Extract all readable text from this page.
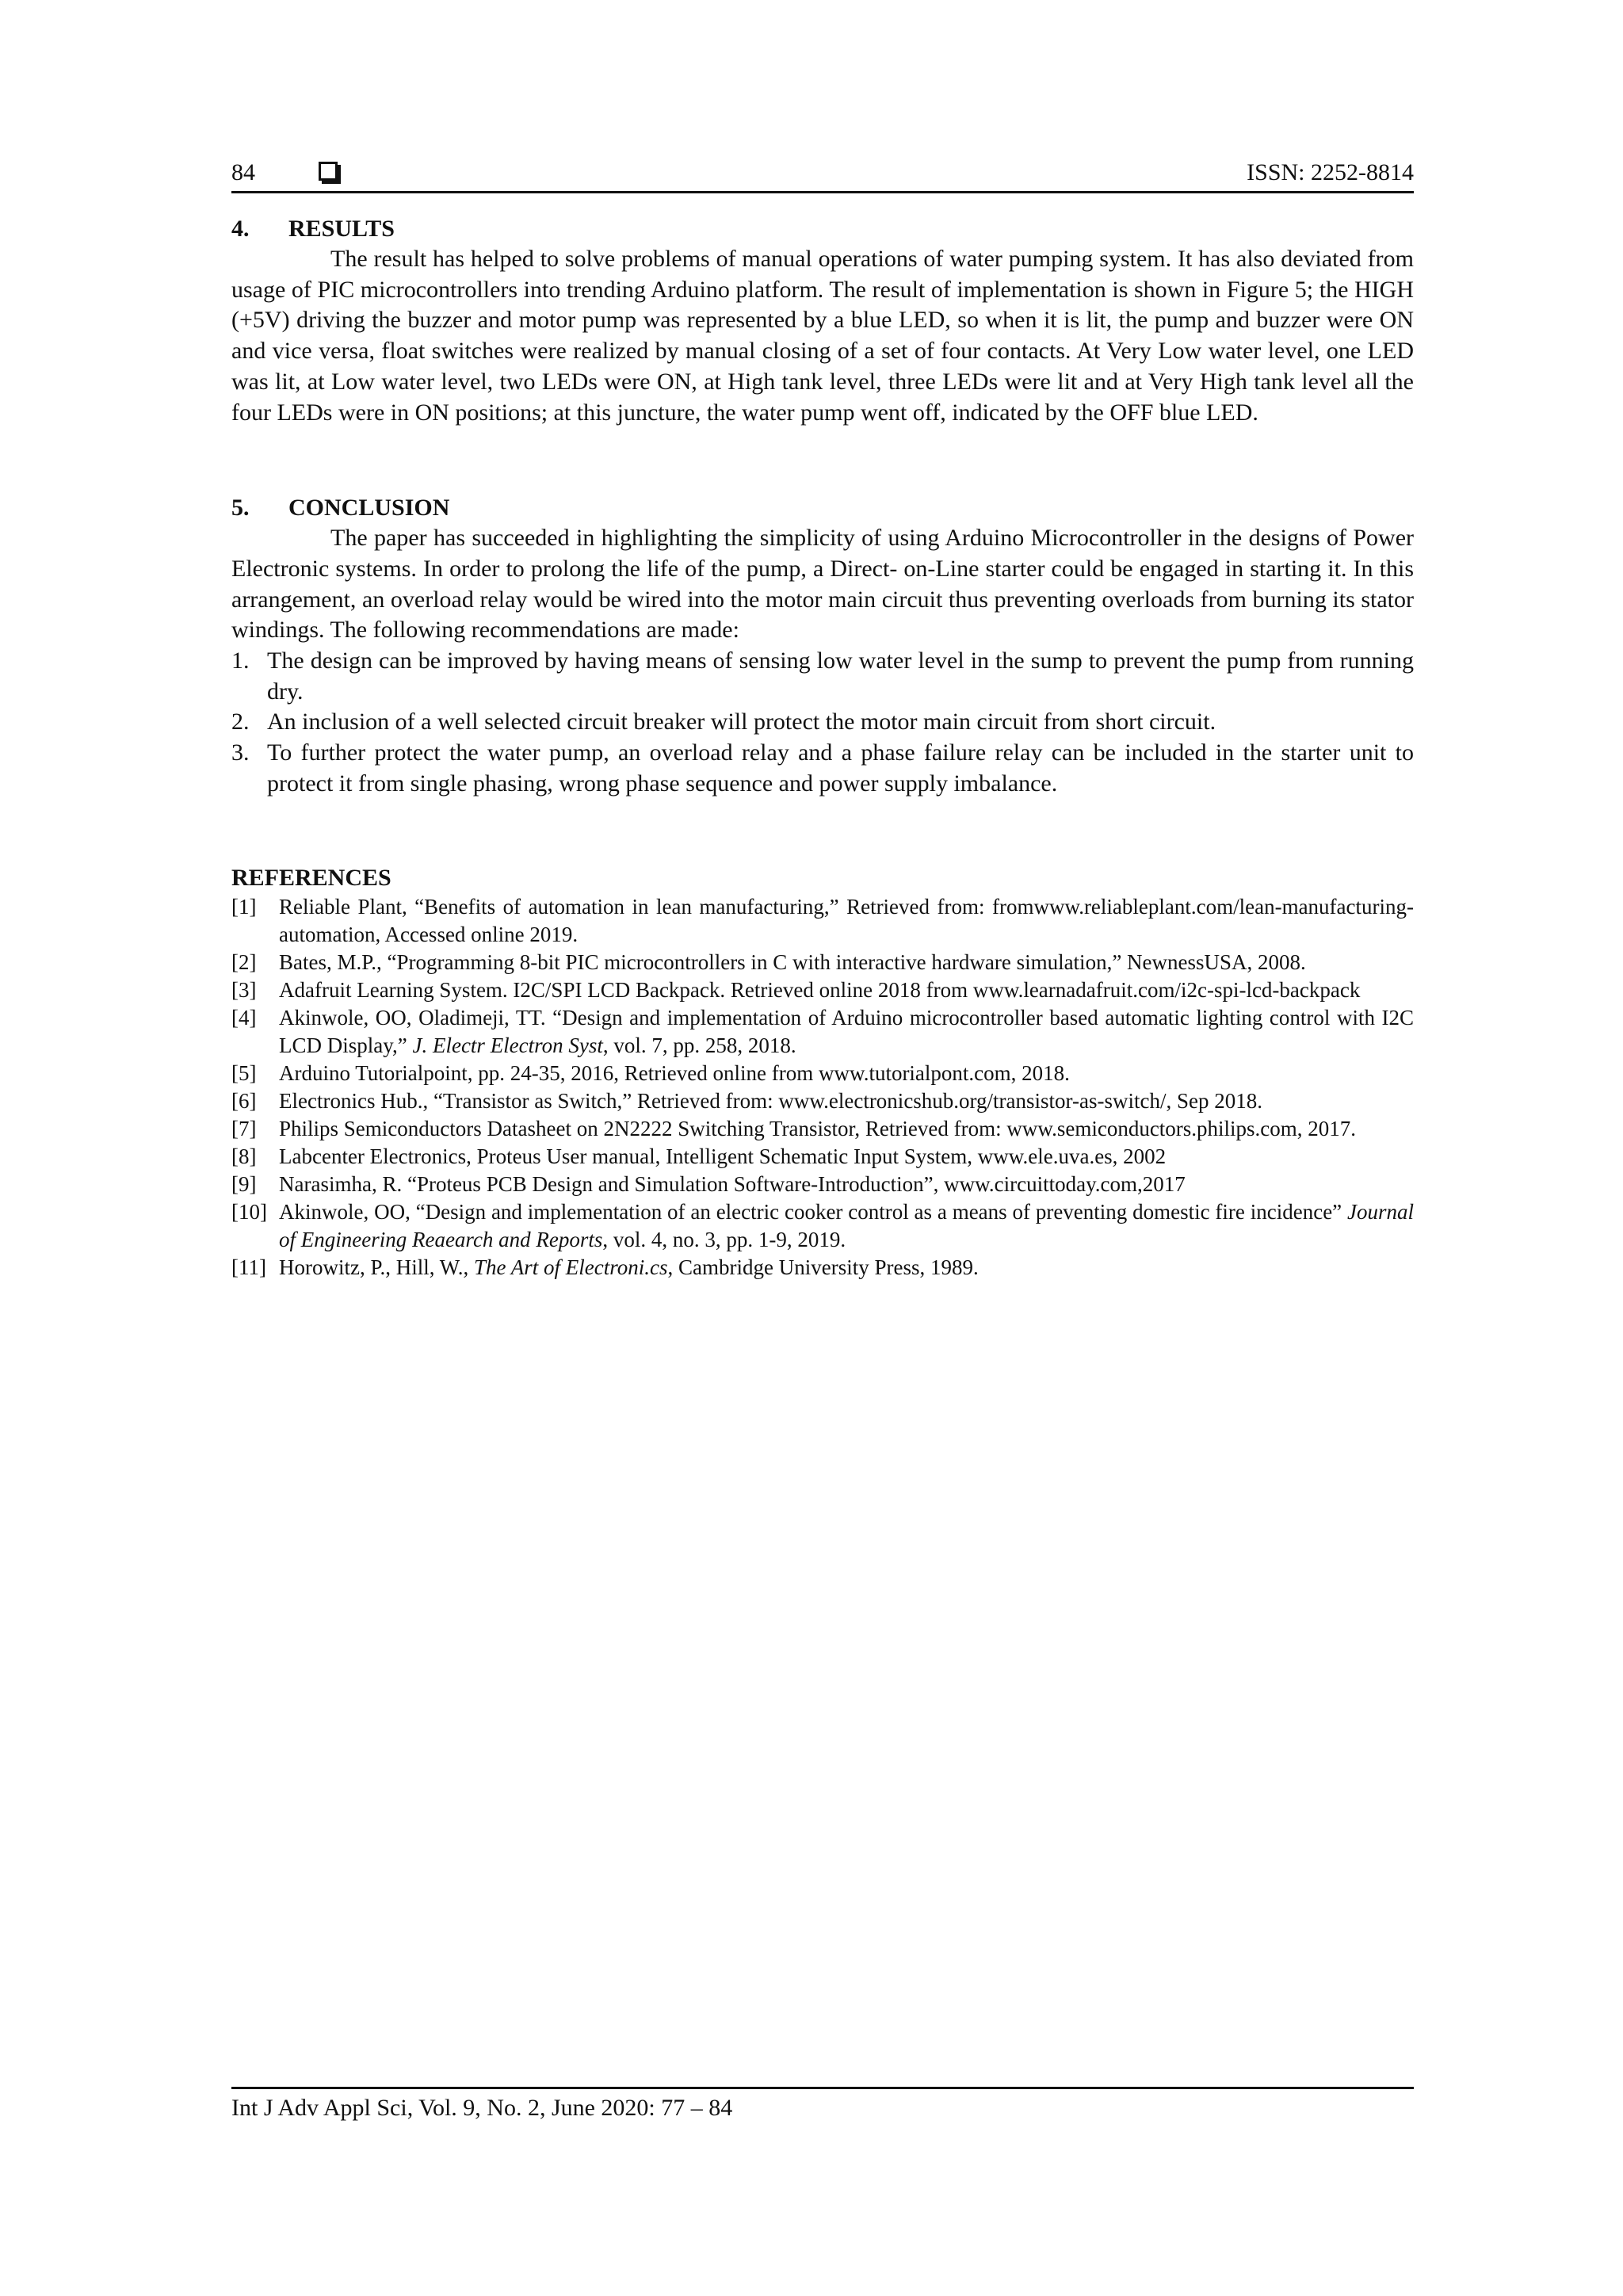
84	ISSN: 2252-8814
4. RESULTS

The result has helped to solve problems of manual operations of water pumping system. It has also deviated from usage of PIC microcontrollers into trending Arduino platform. The result of implementation is shown in Figure 5; the HIGH (+5V) driving the buzzer and motor pump was represented by a blue LED, so when it is lit, the pump and buzzer were ON and vice versa, float switches were realized by manual closing of a set of four contacts. At Very Low water level, one LED was lit, at Low water level, two LEDs were ON, at High tank level, three LEDs were lit and at Very High tank level all the four LEDs were in ON positions; at this juncture, the water pump went off, indicated by the OFF blue LED.

5. CONCLUSION

The paper has succeeded in highlighting the simplicity of using Arduino Microcontroller in the designs of Power Electronic systems. In order to prolong the life of the pump, a Direct- on-Line starter could be engaged in starting it. In this arrangement, an overload relay would be wired into the motor main circuit thus preventing overloads from burning its stator windings. The following recommendations are made:

1. The design can be improved by having means of sensing low water level in the sump to prevent the pump from running dry.
2. An inclusion of a well selected circuit breaker will protect the motor main circuit from short circuit.
3. To further protect the water pump, an overload relay and a phase failure relay can be included in the starter unit to protect it from single phasing, wrong phase sequence and power supply imbalance.
REFERENCES
[1] Reliable Plant, “Benefits of automation in lean manufacturing,” Retrieved from: fromwww.reliableplant.com/lean-manufacturing-automation, Accessed online 2019.
[2] Bates, M.P., “Programming 8-bit PIC microcontrollers in C with interactive hardware simulation,” NewnessUSA, 2008.
[3] Adafruit Learning System. I2C/SPI LCD Backpack. Retrieved online 2018 from www.learnadafruit.com/i2c-spi-lcd-backpack
[4] Akinwole, OO, Oladimeji, TT. “Design and implementation of Arduino microcontroller based automatic lighting control with I2C LCD Display,” J. Electr Electron Syst, vol. 7, pp. 258, 2018.
[5] Arduino Tutorialpoint, pp. 24-35, 2016, Retrieved online from www.tutorialpont.com, 2018.
[6] Electronics Hub., “Transistor as Switch,” Retrieved from: www.electronicshub.org/transistor-as-switch/, Sep 2018.
[7] Philips Semiconductors Datasheet on 2N2222 Switching Transistor, Retrieved from: www.semiconductors.philips.com, 2017.
[8] Labcenter Electronics, Proteus User manual, Intelligent Schematic Input System, www.ele.uva.es, 2002
[9] Narasimha, R. “Proteus PCB Design and Simulation Software-Introduction”, www.circuittoday.com,2017
[10] Akinwole, OO, “Design and implementation of an electric cooker control as a means of preventing domestic fire incidence” Journal of Engineering Reaearch and Reports, vol. 4, no. 3, pp. 1-9, 2019.
[11] Horowitz, P., Hill, W., The Art of Electroni.cs, Cambridge University Press, 1989.
Int J Adv Appl Sci, Vol. 9, No. 2, June 2020: 77 – 84
